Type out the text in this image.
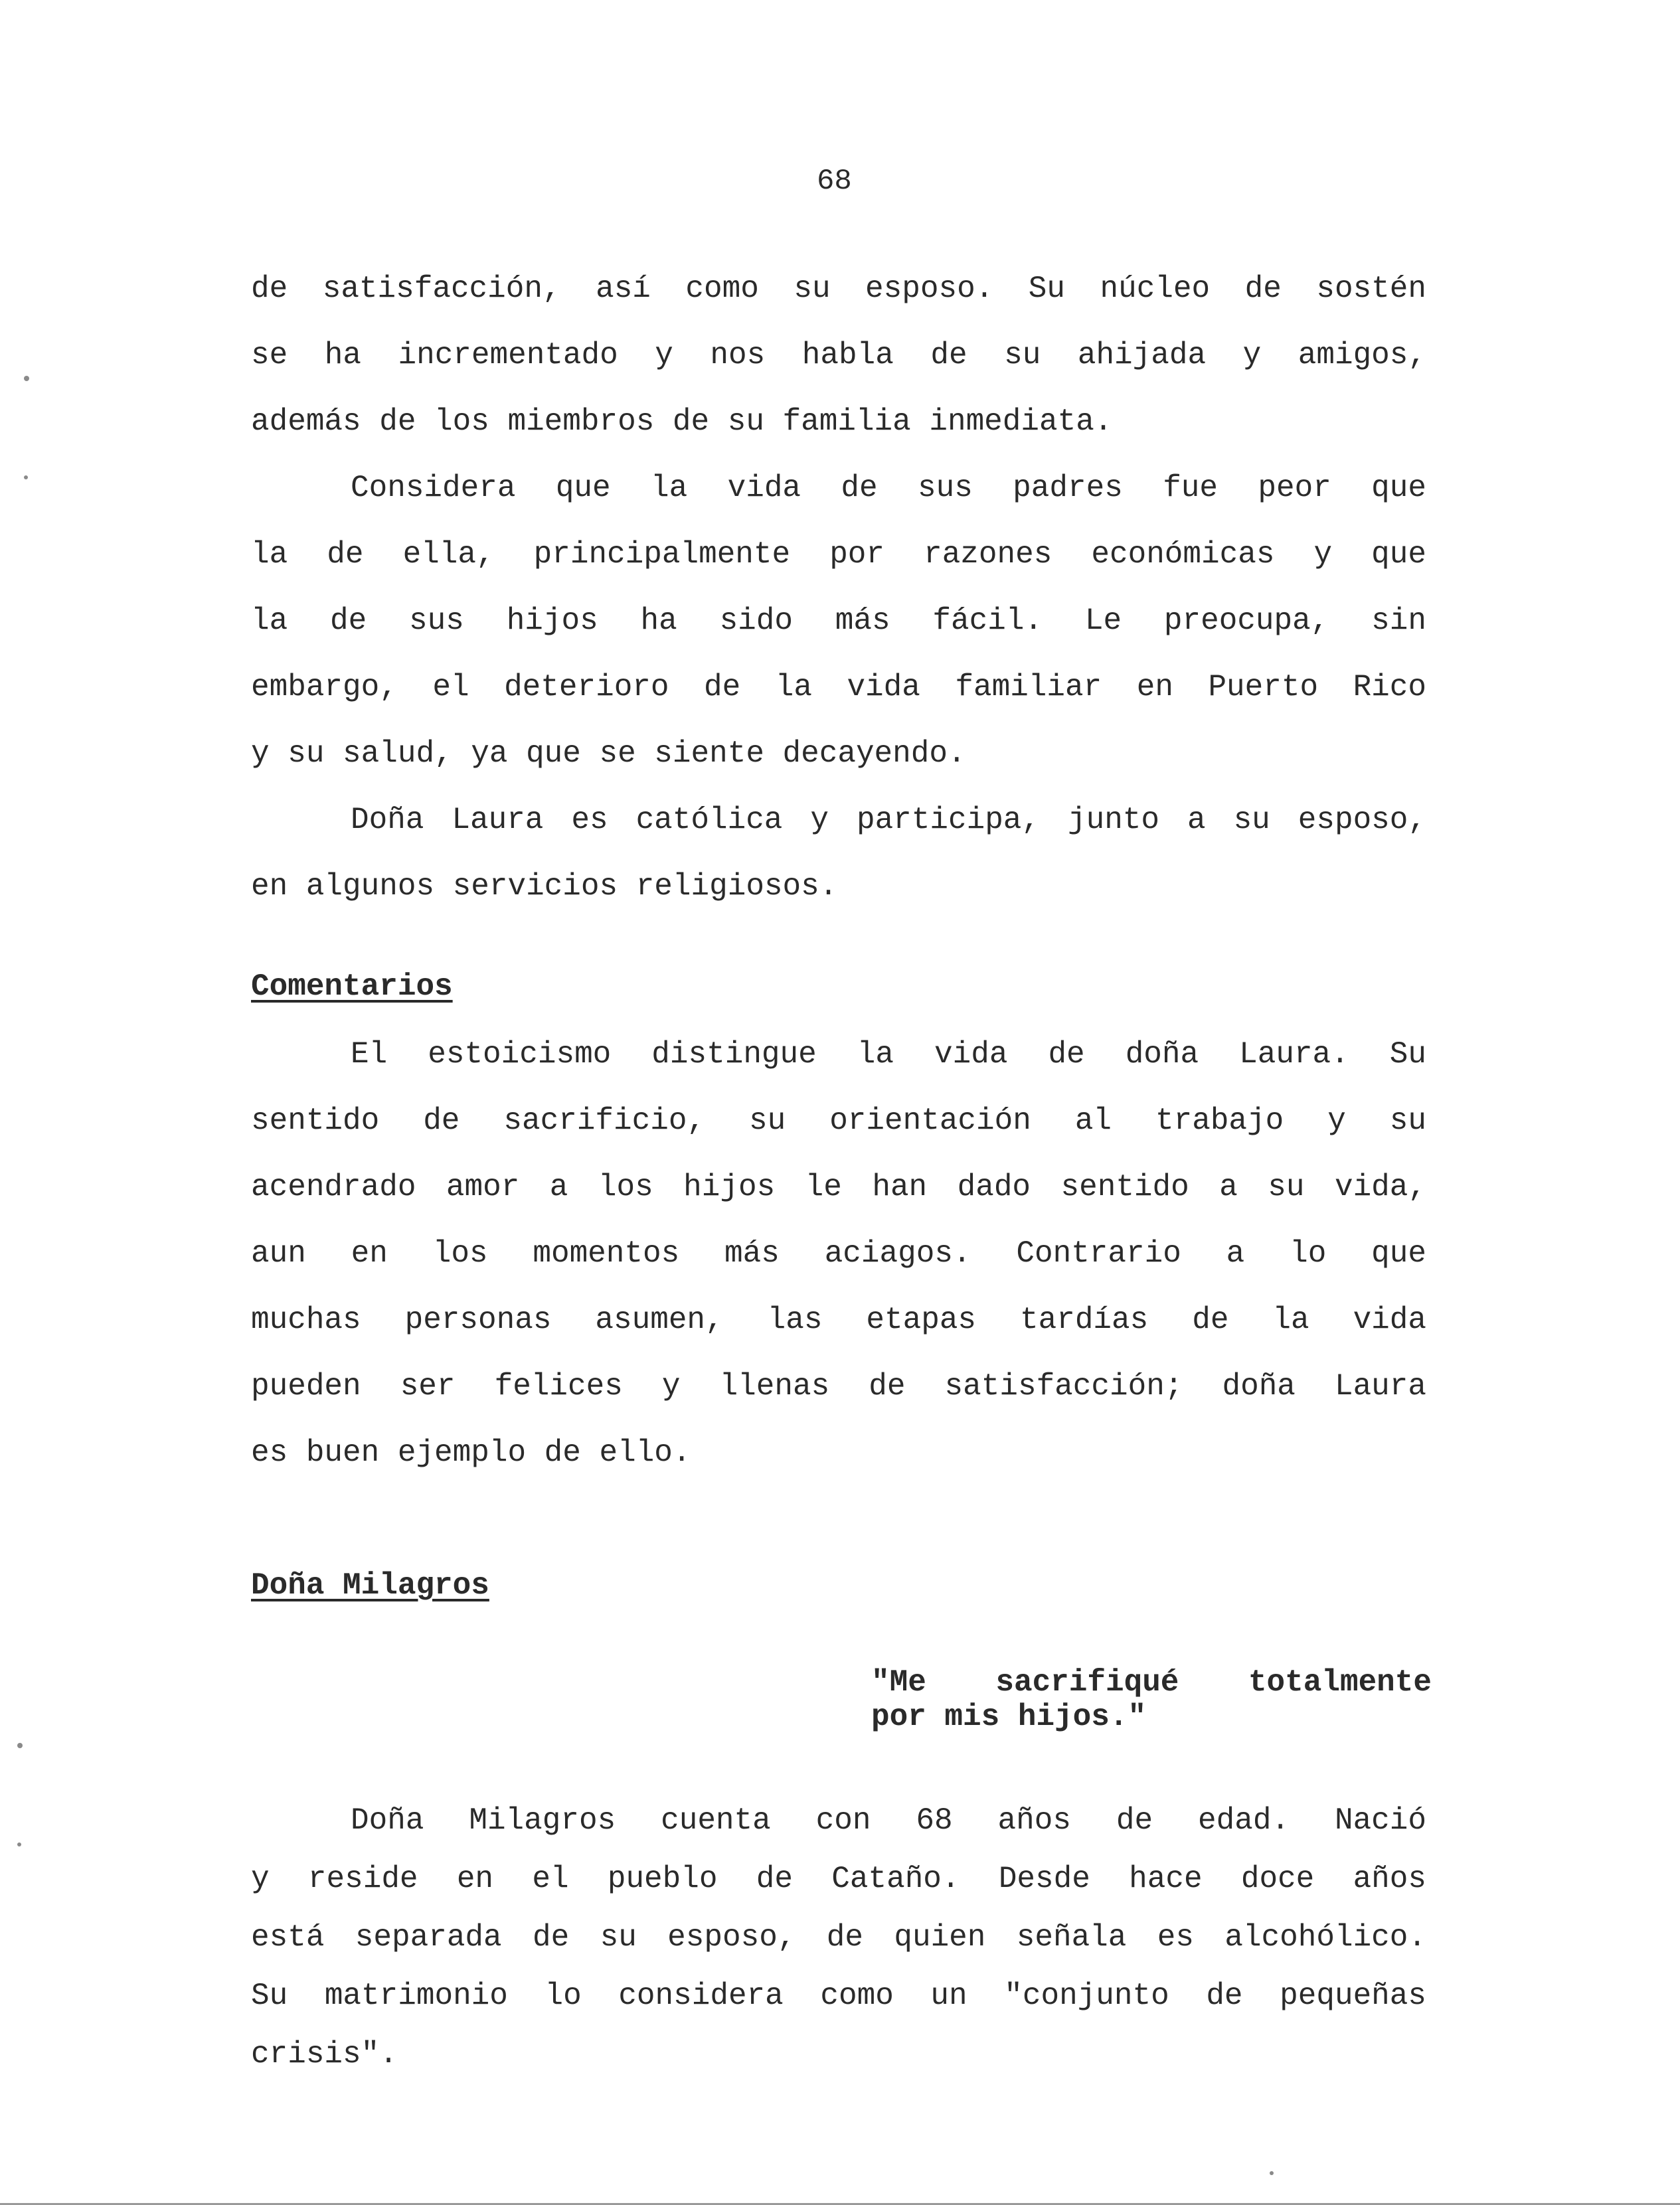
68
de satisfacción, así como su esposo. Su núcleo de sostén
se ha incrementado y nos habla de su ahijada y amigos,
además de los miembros de su familia inmediata.
Considera que la vida de sus padres fue peor que
la de ella, principalmente por razones económicas y que
la de sus hijos ha sido más fácil. Le preocupa, sin
embargo, el deterioro de la vida familiar en Puerto Rico
y su salud, ya que se siente decayendo.
Doña Laura es católica y participa, junto a su esposo,
en algunos servicios religiosos.
Comentarios
El estoicismo distingue la vida de doña Laura. Su
sentido de sacrificio, su orientación al trabajo y su
acendrado amor a los hijos le han dado sentido a su vida,
aun en los momentos más aciagos. Contrario a lo que
muchas personas asumen, las etapas tardías de la vida
pueden ser felices y llenas de satisfacción; doña Laura
es buen ejemplo de ello.
Doña Milagros
"Me sacrifiqué totalmente
por mis hijos."
Doña Milagros cuenta con 68 años de edad. Nació
y reside en el pueblo de Cataño. Desde hace doce años
está separada de su esposo, de quien señala es alcohólico.
Su matrimonio lo considera como un "conjunto de pequeñas
crisis".
